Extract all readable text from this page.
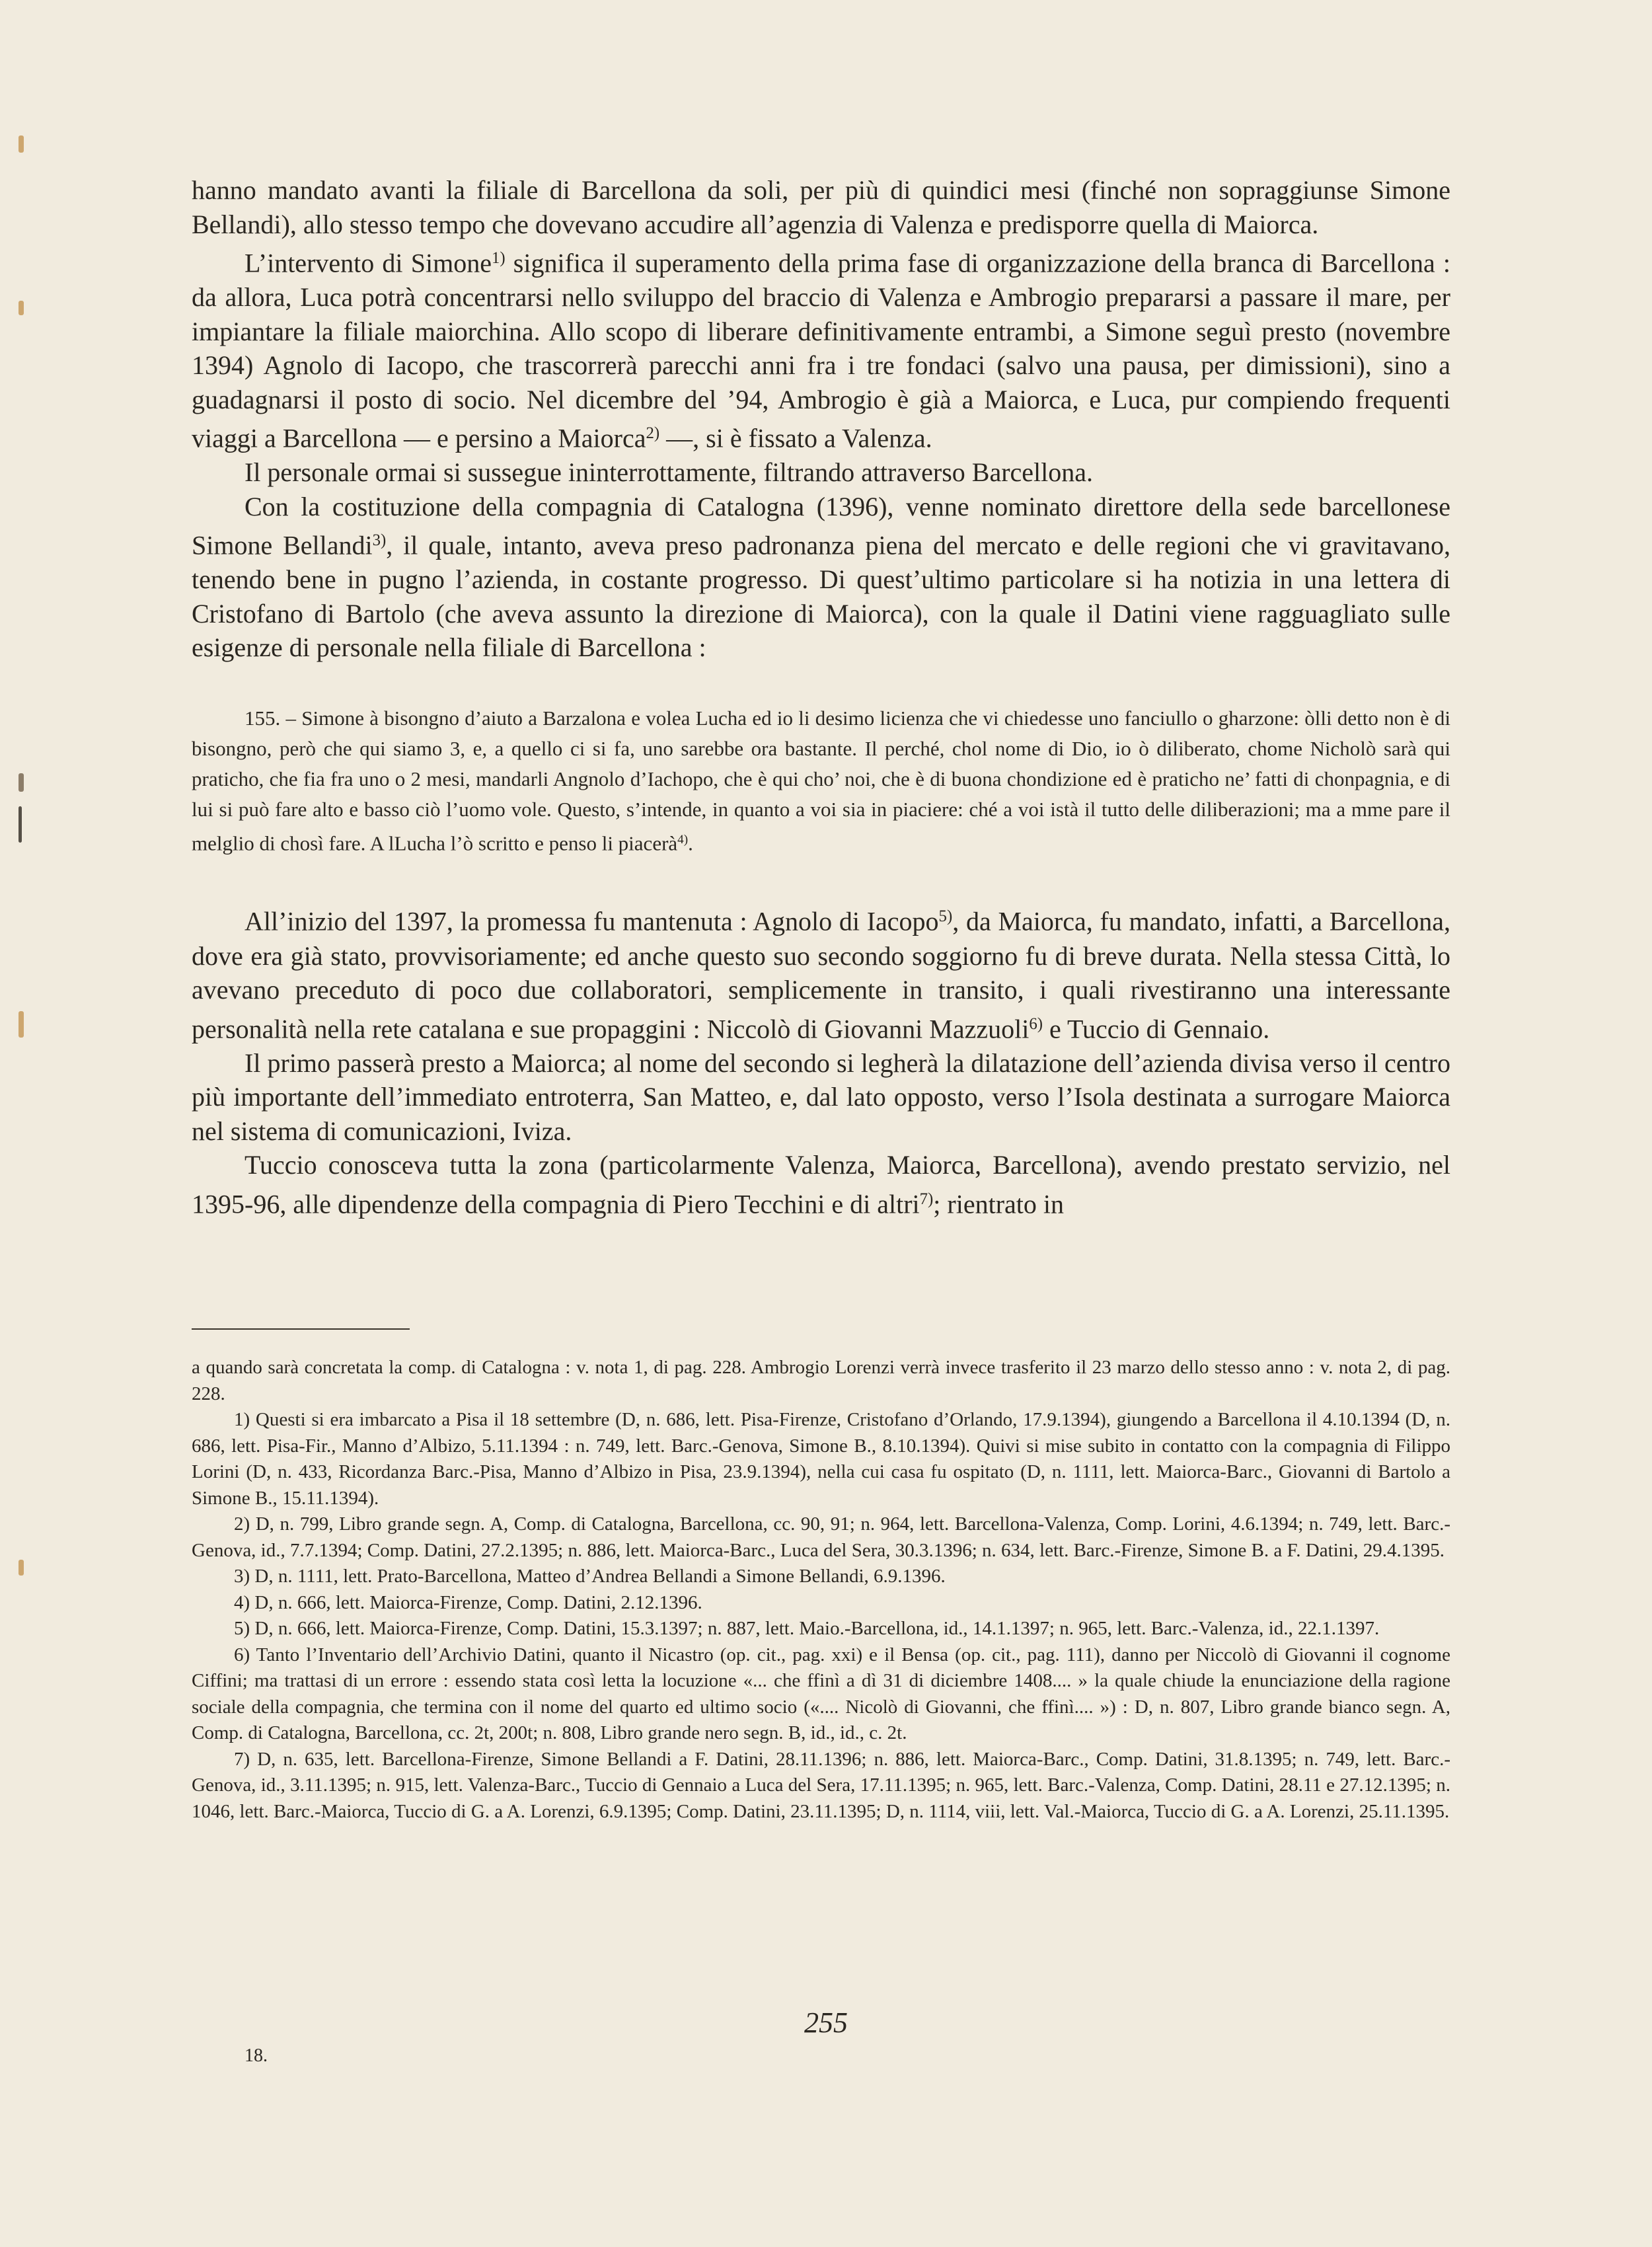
hanno mandato avanti la filiale di Barcellona da soli, per più di quindici mesi (finché non sopraggiunse Simone Bellandi), allo stesso tempo che dovevano accudire all’agenzia di Valenza e predisporre quella di Maiorca.

L’intervento di Simone$^{1)}$ significa il superamento della prima fase di organizzazione della branca di Barcellona : da allora, Luca potrà concentrarsi nello sviluppo del braccio di Valenza e Ambrogio prepararsi a passare il mare, per impiantare la filiale maiorchina. Allo scopo di liberare definitivamente entrambi, a Simone seguì presto (novembre 1394) Agnolo di Iacopo, che trascorrerà parecchi anni fra i tre fondaci (salvo una pausa, per dimissioni), sino a guadagnarsi il posto di socio. Nel dicembre del ’94, Ambrogio è già a Maiorca, e Luca, pur compiendo frequenti viaggi a Barcellona — e persino a Maiorca$^{2)}$ —, si è fissato a Valenza.

Il personale ormai si sussegue ininterrottamente, filtrando attraverso Barcellona.

Con la costituzione della compagnia di Catalogna (1396), venne nominato direttore della sede barcellonese Simone Bellandi$^{3)}$, il quale, intanto, aveva preso padronanza piena del mercato e delle regioni che vi gravitavano, tenendo bene in pugno l’azienda, in costante progresso. Di quest’ultimo particolare si ha notizia in una lettera di Cristofano di Bartolo (che aveva assunto la direzione di Maiorca), con la quale il Datini viene ragguagliato sulle esigenze di personale nella filiale di Barcellona :

155. – Simone à bisongno d’aiuto a Barzalona e volea Lucha ed io li desimo licienza che vi chiedesse uno fanciullo o gharzone: òlli detto non è di bisongno, però che qui siamo 3, e, a quello ci si fa, uno sarebbe ora bastante. Il perché, chol nome di Dio, io ò diliberato, chome Nicholò sarà qui praticho, che fia fra uno o 2 mesi, mandarli Angnolo d’Iachopo, che è qui cho’ noi, che è di buona chondizione ed è praticho ne’ fatti di chonpagnia, e di lui si può fare alto e basso ciò l’uomo vole. Questo, s’intende, in quanto a voi sia in piaciere: ché a voi istà il tutto delle diliberazioni; ma a mme pare il melglio di chosì fare. A lLucha l’ò scritto e penso li piacerà$^{4)}$.

All’inizio del 1397, la promessa fu mantenuta : Agnolo di Iacopo$^{5)}$, da Maiorca, fu mandato, infatti, a Barcellona, dove era già stato, provvisoriamente; ed anche questo suo secondo soggiorno fu di breve durata. Nella stessa Città, lo avevano preceduto di poco due collaboratori, semplicemente in transito, i quali rivestiranno una interessante personalità nella rete catalana e sue propaggini : Niccolò di Giovanni Mazzuoli$^{6)}$ e Tuccio di Gennaio.

Il primo passerà presto a Maiorca; al nome del secondo si legherà la dilatazione dell’azienda divisa verso il centro più importante dell’immediato entroterra, San Matteo, e, dal lato opposto, verso l’Isola destinata a surrogare Maiorca nel sistema di comunicazioni, Iviza.

Tuccio conosceva tutta la zona (particolarmente Valenza, Maiorca, Barcellona), avendo prestato servizio, nel 1395-96, alle dipendenze della compagnia di Piero Tecchini e di altri$^{7)}$; rientrato in

a quando sarà concretata la comp. di Catalogna : v. nota 1, di pag. 228. Ambrogio Lorenzi verrà invece trasferito il 23 marzo dello stesso anno : v. nota 2, di pag. 228.

1) Questi si era imbarcato a Pisa il 18 settembre (D, n. 686, lett. Pisa-Firenze, Cristofano d’Orlando, 17.9.1394), giungendo a Barcellona il 4.10.1394 (D, n. 686, lett. Pisa-Fir., Manno d’Albizo, 5.11.1394 : n. 749, lett. Barc.-Genova, Simone B., 8.10.1394). Quivi si mise subito in contatto con la compagnia di Filippo Lorini (D, n. 433, Ricordanza Barc.-Pisa, Manno d’Albizo in Pisa, 23.9.1394), nella cui casa fu ospitato (D, n. 1111, lett. Maiorca-Barc., Giovanni di Bartolo a Simone B., 15.11.1394).

2) D, n. 799, Libro grande segn. A, Comp. di Catalogna, Barcellona, cc. 90, 91; n. 964, lett. Barcellona-Valenza, Comp. Lorini, 4.6.1394; n. 749, lett. Barc.-Genova, id., 7.7.1394; Comp. Datini, 27.2.1395; n. 886, lett. Maiorca-Barc., Luca del Sera, 30.3.1396; n. 634, lett. Barc.-Firenze, Simone B. a F. Datini, 29.4.1395.

3) D, n. 1111, lett. Prato-Barcellona, Matteo d’Andrea Bellandi a Simone Bellandi, 6.9.1396.

4) D, n. 666, lett. Maiorca-Firenze, Comp. Datini, 2.12.1396.

5) D, n. 666, lett. Maiorca-Firenze, Comp. Datini, 15.3.1397; n. 887, lett. Maio.-Barcellona, id., 14.1.1397; n. 965, lett. Barc.-Valenza, id., 22.1.1397.

6) Tanto l’Inventario dell’Archivio Datini, quanto il Nicastro (op. cit., pag. xxi) e il Bensa (op. cit., pag. 111), danno per Niccolò di Giovanni il cognome Ciffini; ma trattasi di un errore : essendo stata così letta la locuzione «... che ffinì a dì 31 di diciembre 1408.... » la quale chiude la enunciazione della ragione sociale della compagnia, che termina con il nome del quarto ed ultimo socio («.... Nicolò di Giovanni, che ffinì.... ») : D, n. 807, Libro grande bianco segn. A, Comp. di Catalogna, Barcellona, cc. 2t, 200t; n. 808, Libro grande nero segn. B, id., id., c. 2t.

7) D, n. 635, lett. Barcellona-Firenze, Simone Bellandi a F. Datini, 28.11.1396; n. 886, lett. Maiorca-Barc., Comp. Datini, 31.8.1395; n. 749, lett. Barc.-Genova, id., 3.11.1395; n. 915, lett. Valenza-Barc., Tuccio di Gennaio a Luca del Sera, 17.11.1395; n. 965, lett. Barc.-Valenza, Comp. Datini, 28.11 e 27.12.1395; n. 1046, lett. Barc.-Maiorca, Tuccio di G. a A. Lorenzi, 6.9.1395; Comp. Datini, 23.11.1395; D, n. 1114, viii, lett. Val.-Maiorca, Tuccio di G. a A. Lorenzi, 25.11.1395.

255
18.
